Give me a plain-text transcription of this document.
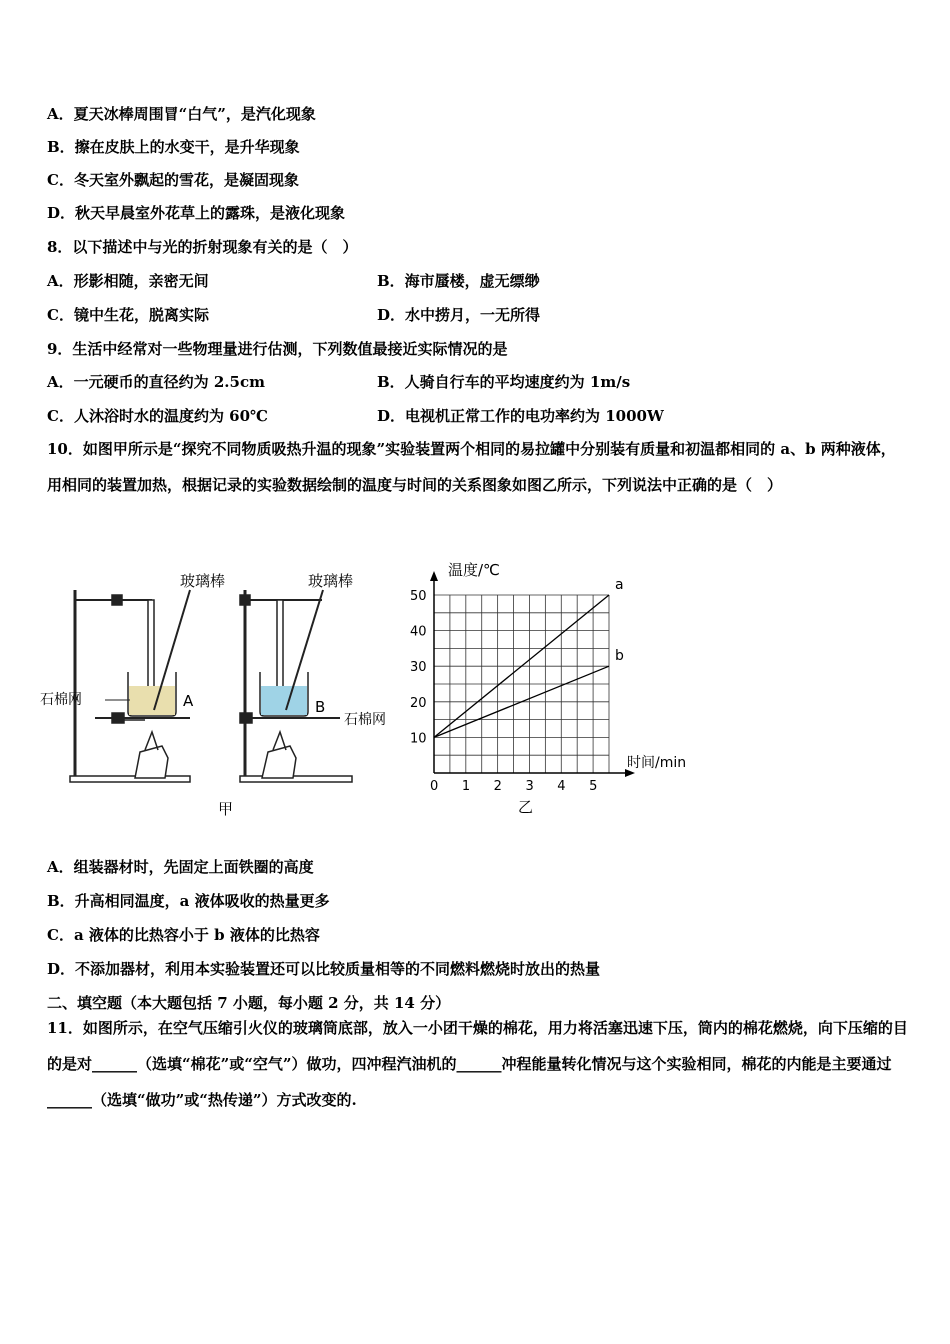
A．夏天冰棒周围冒“白气”，是汽化现象
B．擦在皮肤上的水变干，是升华现象
C．冬天室外飘起的雪花，是凝固现象
D．秋天早晨室外花草上的露珠，是液化现象
8．以下描述中与光的折射现象有关的是（　）
A．形影相随，亲密无间	B．海市蜃楼，虚无缥缈
C．镜中生花，脱离实际	D．水中捞月，一无所得
9．生活中经常对一些物理量进行估测，下列数值最接近实际情况的是
A．一元硬币的直径约为 2.5cm	B．人骑自行车的平均速度约为 1m/s
C．人沐浴时水的温度约为 60℃	D．电视机正常工作的电功率约为 1000W
10．如图甲所示是“探究不同物质吸热升温的现象”实验装置两个相同的易拉罐中分别装有质量和初温都相同的 a、b 两种液体，用相同的装置加热，根据记录的实验数据绘制的温度与时间的关系图象如图乙所示，下列说法中正确的是（　）
玻璃棒
石棉网	A
玻璃棒
石棉网
B
甲
0 1 2 3 4 5
10
20
30
40
50
a
b
温度/℃
时间/min
乙
A．组装器材时，先固定上面铁圈的高度
B．升高相同温度，a 液体吸收的热量更多
C．a 液体的比热容小于 b 液体的比热容
D．不添加器材，利用本实验装置还可以比较质量相等的不同燃料燃烧时放出的热量
二、填空题（本大题包括 7 小题，每小题 2 分，共 14 分）
11．如图所示，在空气压缩引火仪的玻璃筒底部，放入一小团干燥的棉花，用力将活塞迅速下压，筒内的棉花燃烧，向下压缩的目的是对______（选填“棉花”或“空气”）做功，四冲程汽油机的______冲程能量转化情况与这个实验相同，棉花的内能是主要通过______（选填“做功”或“热传递”）方式改变的.
